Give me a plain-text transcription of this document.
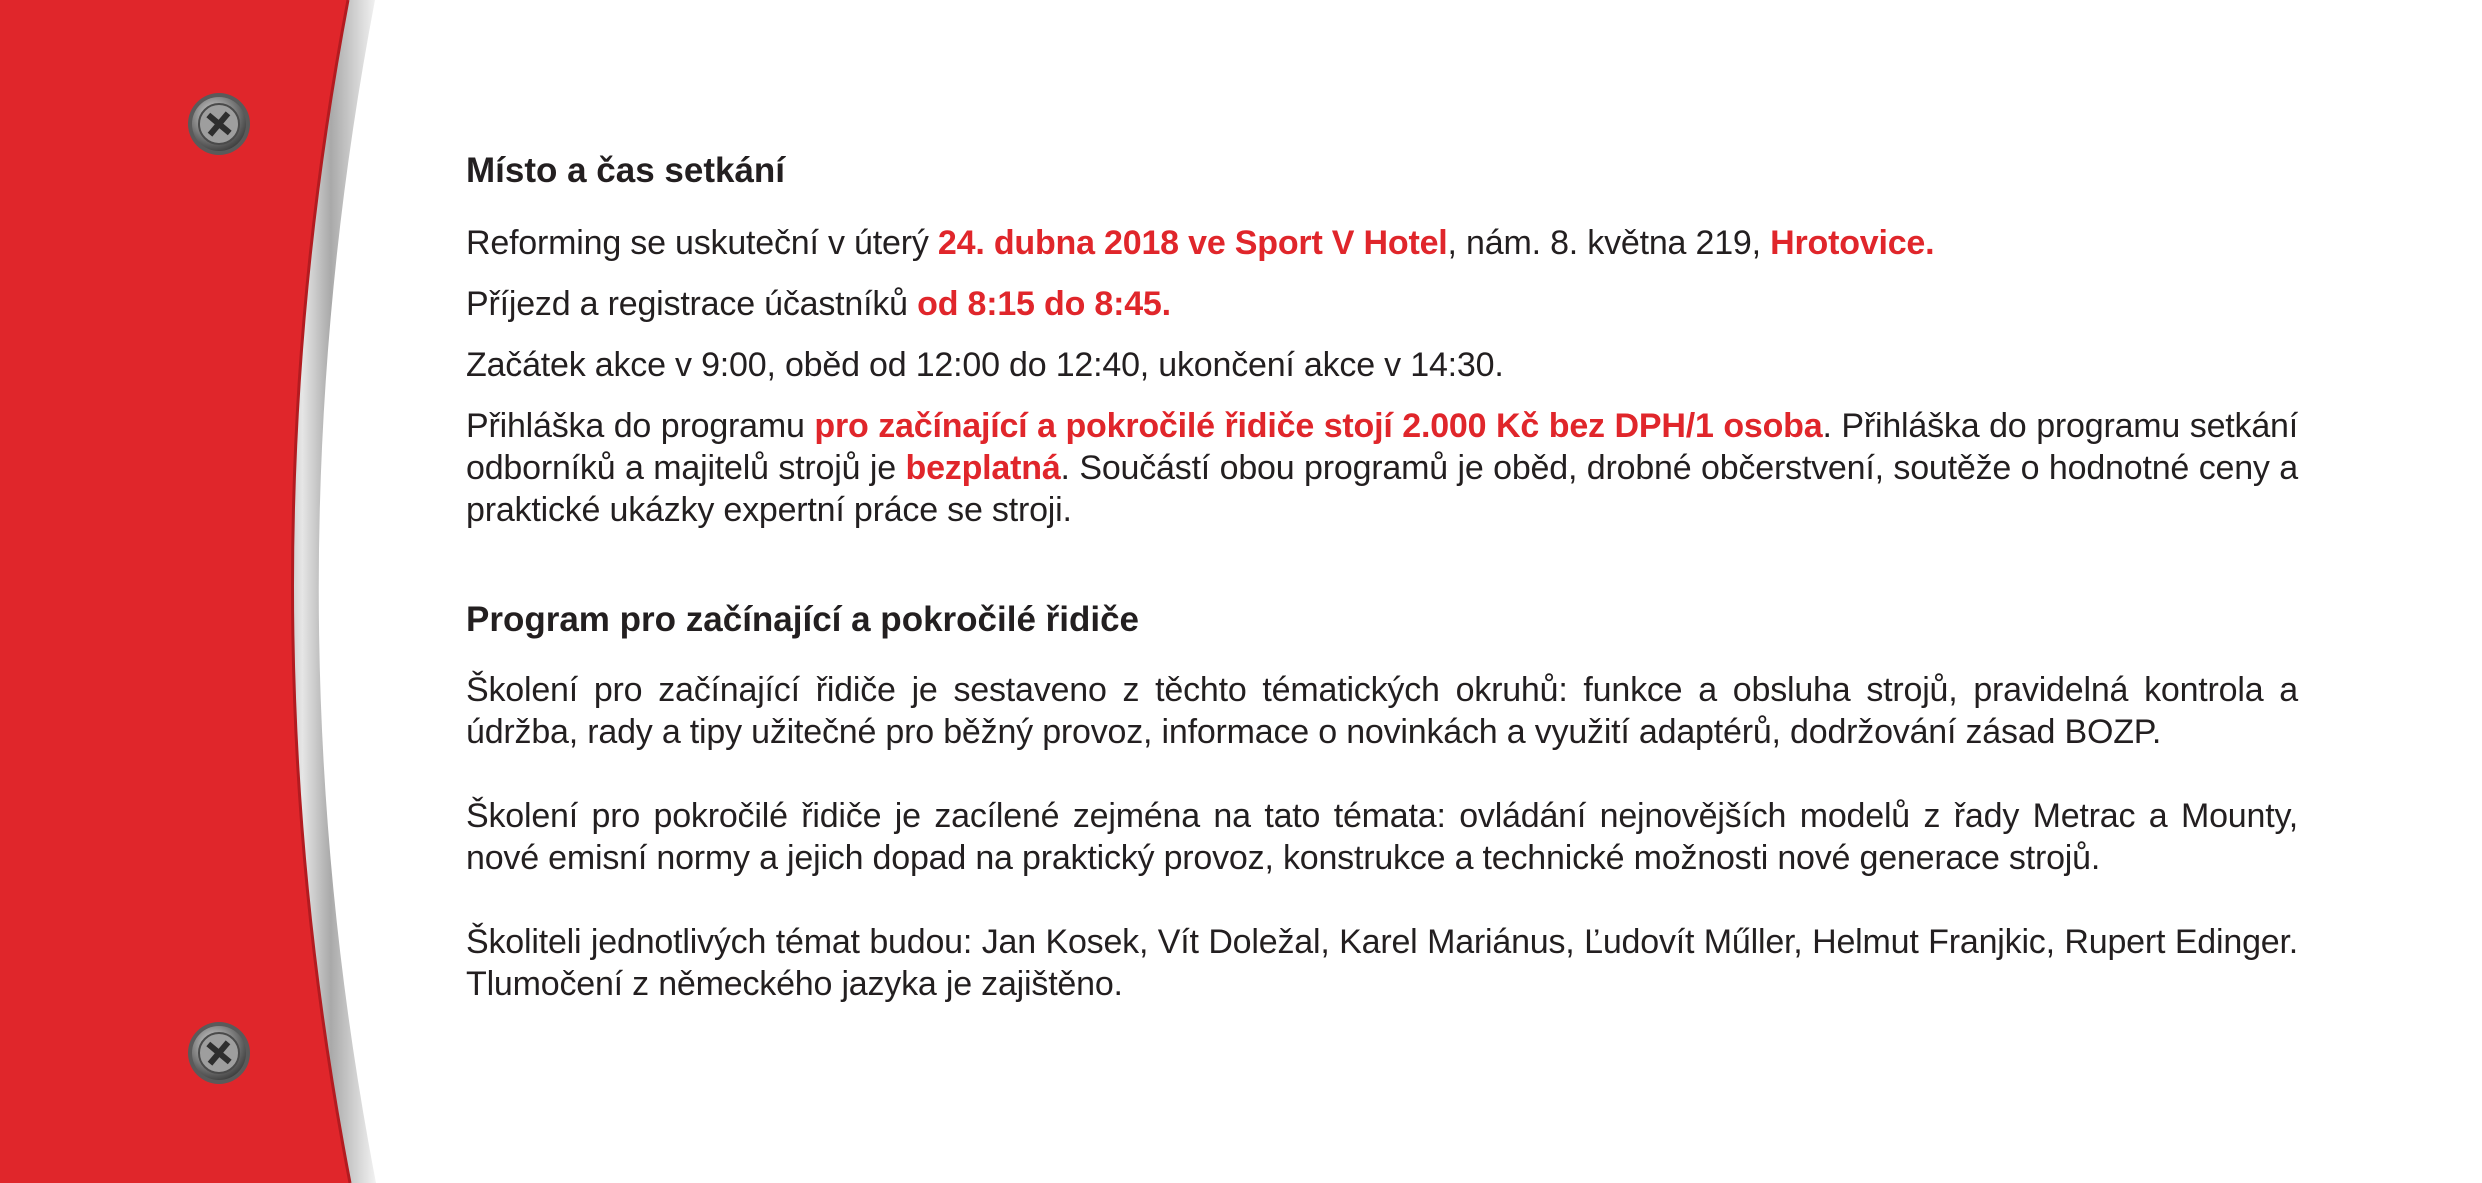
Místo a čas setkání

Reforming se uskuteční v úterý 24. dubna 2018 ve Sport V Hotel, nám. 8. května 219, Hrotovice.

Příjezd a registrace účastníků od 8:15 do 8:45.

Začátek akce v 9:00, oběd od 12:00 do 12:40, ukončení akce v 14:30.

Přihláška do programu pro začínající a pokročilé řidiče stojí 2.000 Kč bez DPH/1 osoba. Přihláška do programu setkání odborníků a majitelů strojů je bezplatná. Součástí obou programů je oběd, drobné občerstvení, soutěže o hodnotné ceny a praktické ukázky expertní práce se stroji.

Program pro začínající a pokročilé řidiče

Školení pro začínající řidiče je sestaveno z těchto tématických okruhů: funkce a obsluha strojů, pravidelná kontrola a údržba, rady a tipy užitečné pro běžný provoz, informace o novinkách a využití adaptérů, dodržování zásad BOZP.

Školení pro pokročilé řidiče je zacílené zejména na tato témata: ovládání nejnovějších modelů z řady Metrac a Mounty, nové emisní normy a jejich dopad na praktický provoz, konstrukce a technické možnosti nové generace strojů.

Školiteli jednotlivých témat budou: Jan Kosek, Vít Doležal, Karel Mariánus, Ľudovít Műller, Helmut Franjkic, Rupert Edinger. Tlumočení z německého jazyka je zajištěno.
